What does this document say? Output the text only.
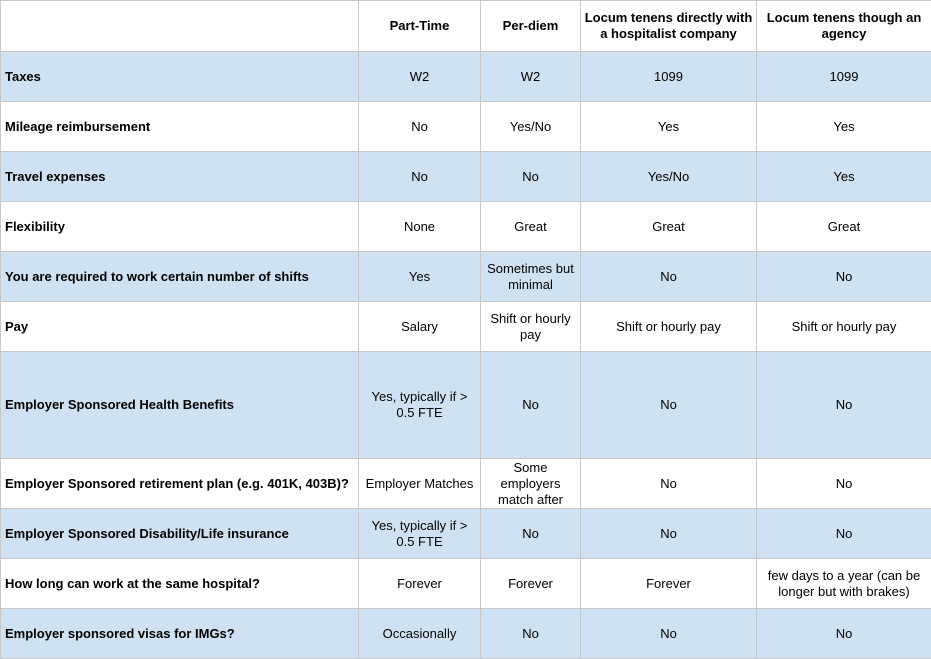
	Part-Time	Per-diem	Locum tenens directly with a hospitalist company	Locum tenens though an agency
Taxes	W2	W2	1099	1099
Mileage reimbursement	No	Yes/No	Yes	Yes
Travel expenses	No	No	Yes/No	Yes
Flexibility	None	Great	Great	Great
You are required to work certain number of shifts	Yes	Sometimes but minimal	No	No
Pay	Salary	Shift or hourly pay	Shift or hourly pay	Shift or hourly pay
Employer Sponsored Health Benefits	Yes, typically if > 0.5 FTE	No	No	No
Employer Sponsored retirement plan (e.g. 401K, 403B)?	Employer Matches	Some employers match after	No	No
Employer Sponsored Disability/Life insurance	Yes, typically if > 0.5 FTE	No	No	No
How long can work at the same hospital?	Forever	Forever	Forever	few days to a year (can be longer but with brakes)
Employer sponsored visas for IMGs?	Occasionally	No	No	No
